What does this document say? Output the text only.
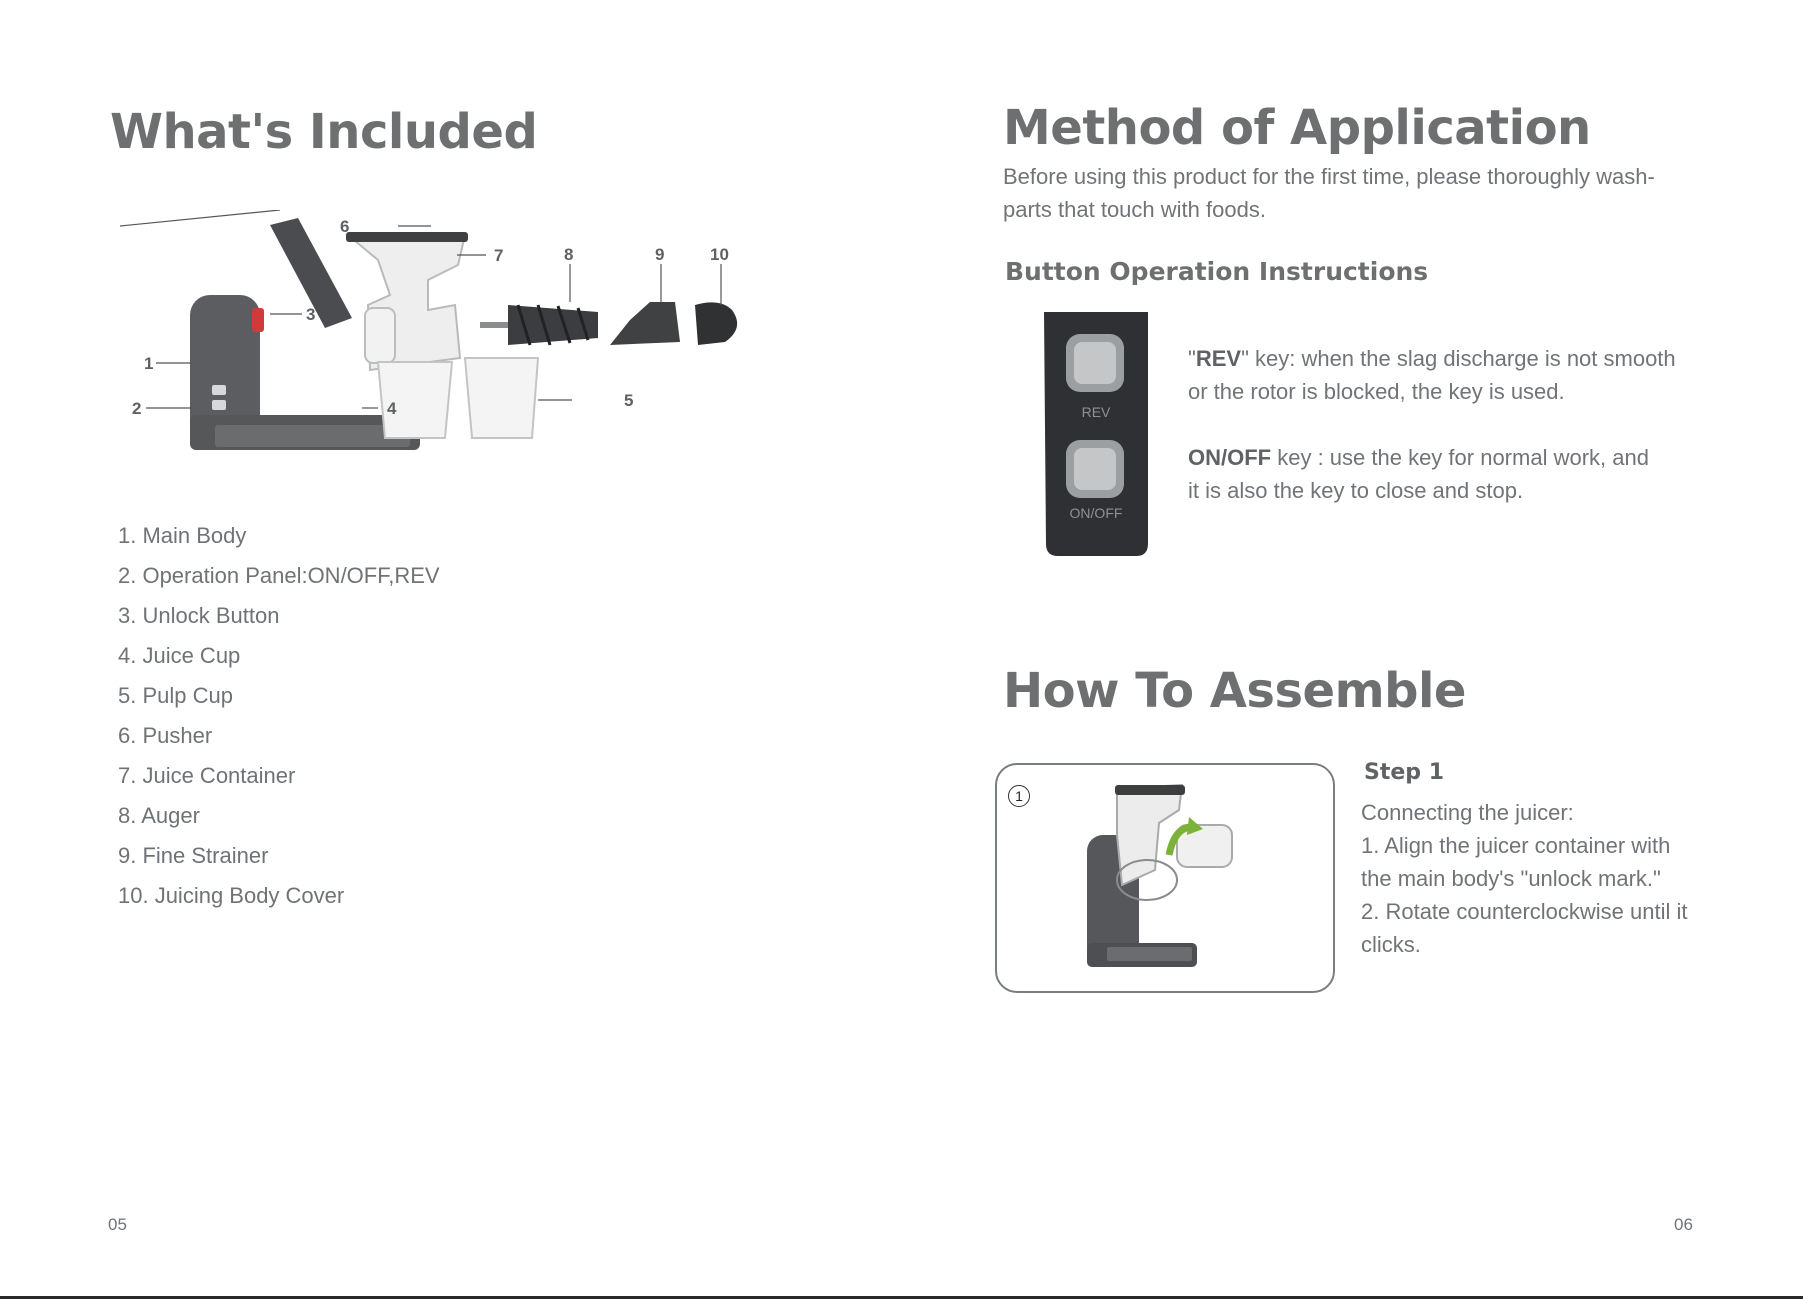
What's Included
1
2
3
4	5
6
7	8	9	10
1. Main Body
2. Operation Panel:ON/OFF,REV
3. Unlock Button
4. Juice Cup
5. Pulp Cup
6. Pusher
7. Juice Container
8. Auger
9. Fine Strainer
10. Juicing Body Cover
05
Method of Application
Before using this product for the first time, please thoroughly wash-
parts that touch with foods.
Button Operation Instructions
REV
ON/OFF
"REV" key: when the slag discharge is not smooth
or the rotor is blocked, the key is used.
ON/OFF key : use the key for normal work, and
it is also the key to close and stop.
How To Assemble
1
Step 1
Connecting the juicer:
1. Align the juicer container with
the main body's "unlock mark."
2. Rotate counterclockwise until it
clicks.
06
